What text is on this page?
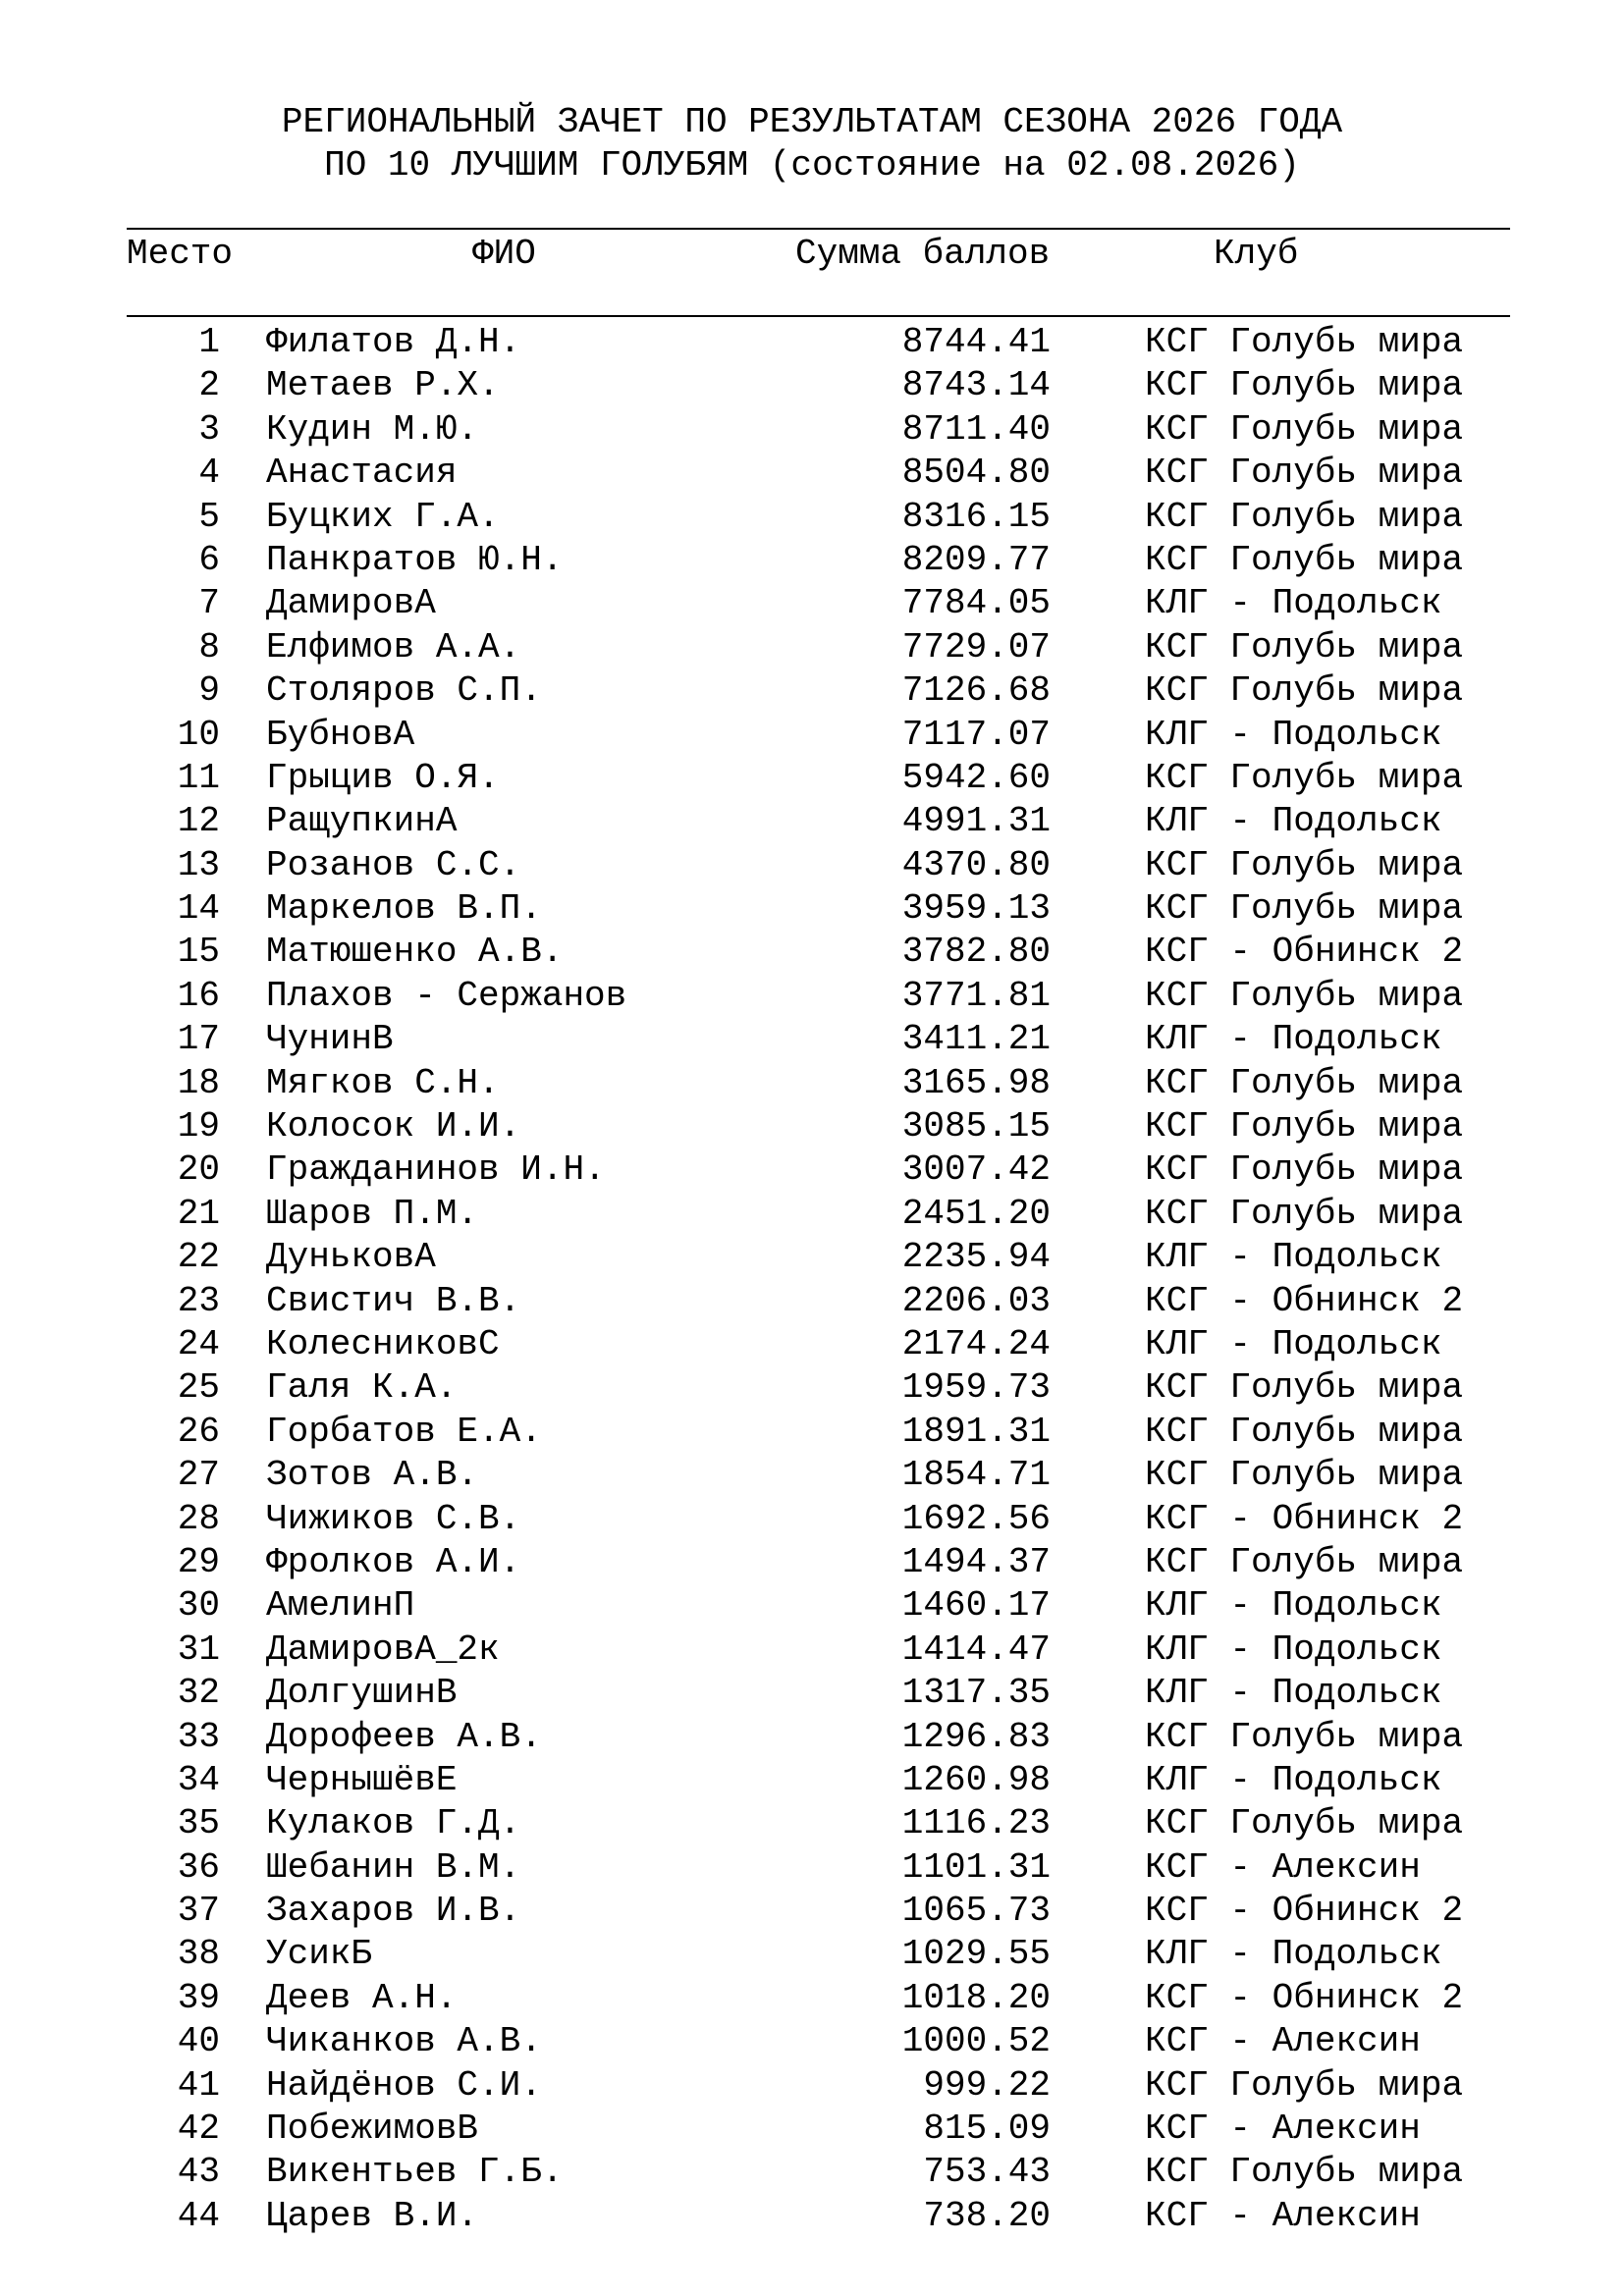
РЕГИОНАЛЬНЫЙ ЗАЧЕТ ПО РЕЗУЛЬТАТАМ СЕЗОНА 2026 ГОДА
ПО 10 ЛУЧШИМ ГОЛУБЯМ (состояние на 02.08.2026)
Место	ФИО	Сумма баллов	Клуб
1 Филатов Д.Н.	8744.41	КСГ Голубь мира
2 Метаев Р.Х.	8743.14	КСГ Голубь мира
3 Кудин М.Ю.	8711.40	КСГ Голубь мира
4 Анастасия	8504.80	КСГ Голубь мира
5 Буцких Г.А.	8316.15	КСГ Голубь мира
6 Панкратов Ю.Н.	8209.77	КСГ Голубь мира
7 ДамировА	7784.05	КЛГ - Подольск
8 Елфимов А.А.	7729.07	КСГ Голубь мира
9 Столяров С.П.	7126.68	КСГ Голубь мира
10 БубновА	7117.07	КЛГ - Подольск
11 Грыцив О.Я.	5942.60	КСГ Голубь мира
12 РащупкинА	4991.31	КЛГ - Подольск
13 Розанов С.С.	4370.80	КСГ Голубь мира
14 Маркелов В.П.	3959.13	КСГ Голубь мира
15 Матюшенко А.В.	3782.80	КСГ - Обнинск 2
16 Плахов - Сержанов	3771.81	КСГ Голубь мира
17 ЧунинВ	3411.21	КЛГ - Подольск
18 Мягков С.Н.	3165.98	КСГ Голубь мира
19 Колосок И.И.	3085.15	КСГ Голубь мира
20 Гражданинов И.Н.	3007.42	КСГ Голубь мира
21 Шаров П.М.	2451.20	КСГ Голубь мира
22 ДуньковА	2235.94	КЛГ - Подольск
23 Свистич В.В.	2206.03	КСГ - Обнинск 2
24 КолесниковС	2174.24	КЛГ - Подольск
25 Галя К.А.	1959.73	КСГ Голубь мира
26 Горбатов Е.А.	1891.31	КСГ Голубь мира
27 Зотов А.В.	1854.71	КСГ Голубь мира
28 Чижиков С.В.	1692.56	КСГ - Обнинск 2
29 Фролков А.И.	1494.37	КСГ Голубь мира
30 АмелинП	1460.17	КЛГ - Подольск
31 ДамировА_2к	1414.47	КЛГ - Подольск
32 ДолгушинВ	1317.35	КЛГ - Подольск
33 Дорофеев А.В.	1296.83	КСГ Голубь мира
34 ЧернышёвЕ	1260.98	КЛГ - Подольск
35 Кулаков Г.Д.	1116.23	КСГ Голубь мира
36 Шебанин В.М.	1101.31	КСГ - Алексин
37 Захаров И.В.	1065.73	КСГ - Обнинск 2
38 УсикБ	1029.55	КЛГ - Подольск
39 Деев А.Н.	1018.20	КСГ - Обнинск 2
40 Чиканков А.В.	1000.52	КСГ - Алексин
41 Найдёнов С.И.	999.22	КСГ Голубь мира
42 ПобежимовВ	815.09	КСГ - Алексин
43 Викентьев Г.Б.	753.43	КСГ Голубь мира
44 Царев В.И.	738.20	КСГ - Алексин
